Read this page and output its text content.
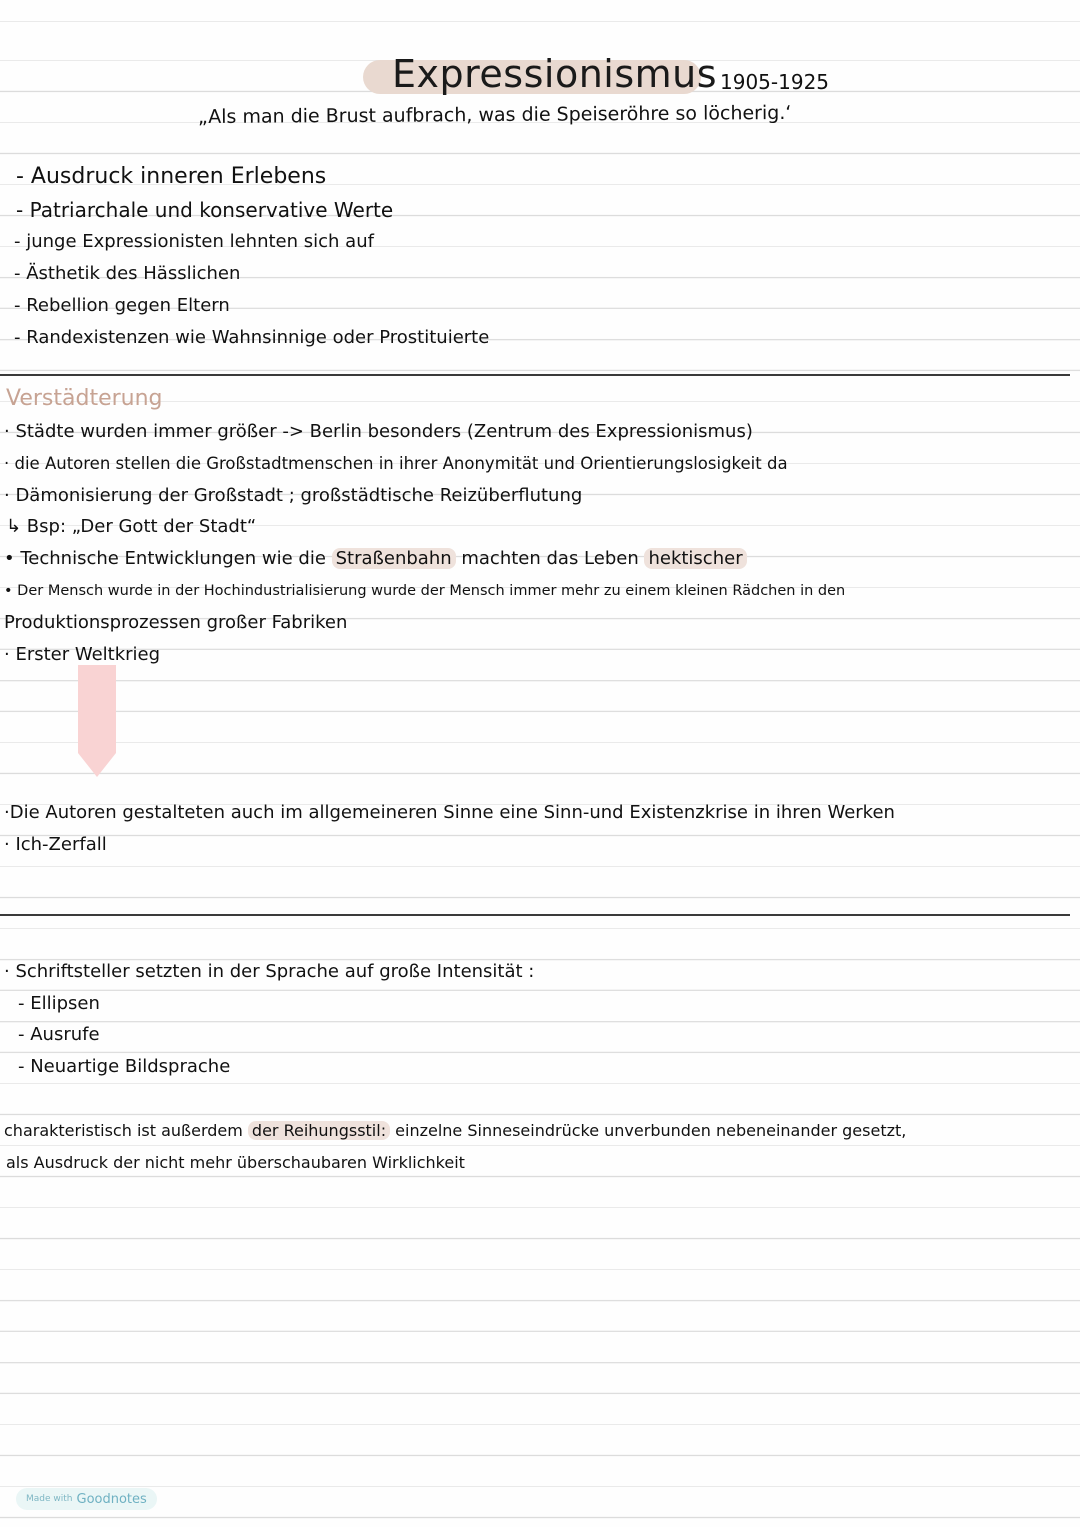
Expressionismus 1905-1925
„Als man die Brust aufbrach, was die Speiseröhre so löcherig.‘
- Ausdruck inneren Erlebens
- Patriarchale und konservative Werte
- junge Expressionisten lehnten sich auf
- Ästhetik des Hässlichen
- Rebellion gegen Eltern
- Randexistenzen wie Wahnsinnige oder Prostituierte
Verstädterung
· Städte wurden immer größer -> Berlin besonders (Zentrum des Expressionismus)
· die Autoren stellen die Großstadtmenschen in ihrer Anonymität und Orientierungslosigkeit da
· Dämonisierung der Großstadt ; großstädtische Reizüberflutung
↳ Bsp: „Der Gott der Stadt“
• Technische Entwicklungen wie die Straßenbahn machten das Leben hektischer
• Der Mensch wurde in der Hochindustrialisierung wurde der Mensch immer mehr zu einem kleinen Rädchen in den
Produktionsprozessen großer Fabriken
· Erster Weltkrieg
·Die Autoren gestalteten auch im allgemeineren Sinne eine Sinn-und Existenzkrise in ihren Werken
· Ich-Zerfall
· Schriftsteller setzten in der Sprache auf große Intensität :
- Ellipsen
- Ausrufe
- Neuartige Bildsprache
charakteristisch ist außerdem der Reihungsstil: einzelne Sinneseindrücke unverbunden nebeneinander gesetzt,
als Ausdruck der nicht mehr überschaubaren Wirklichkeit
Made with Goodnotes
